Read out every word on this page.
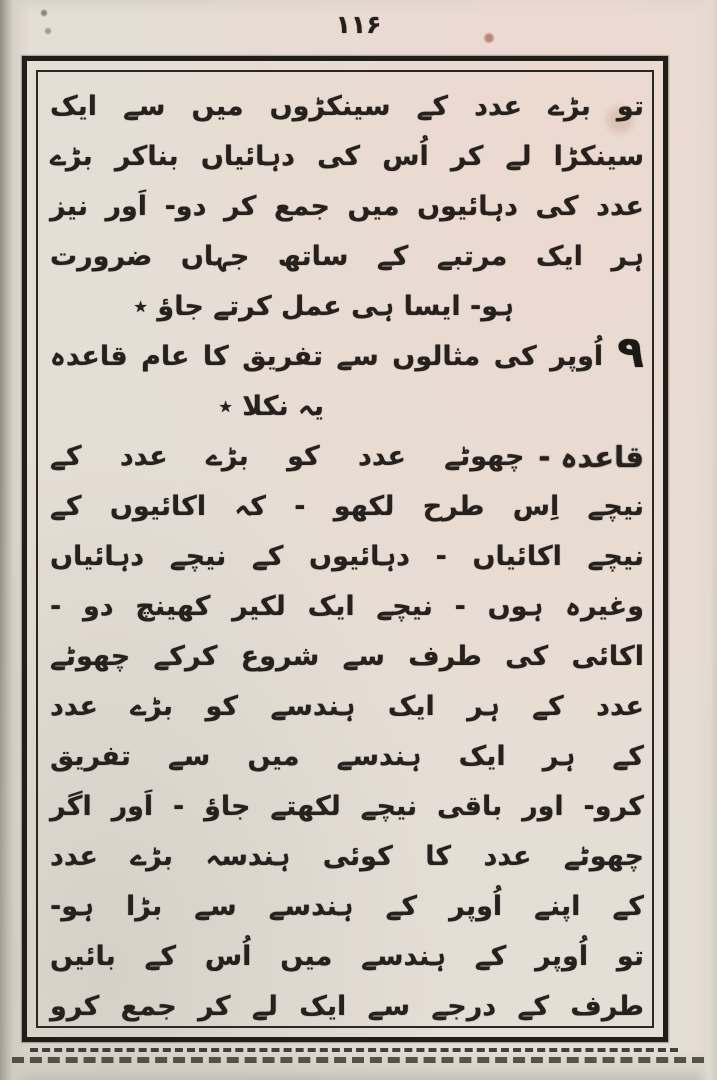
۱۱۶
تو بڑے عدد کے سینکڑوں میں سے ایک
سینکڑا لے کر اُس کی دہائیاں بناکر بڑے
عدد کی دہائیوں میں جمع کر دو- اَور نیز
ہر ایک مرتبے کے ساتھ جہاں ضرورت
ہو- ایسا ہی عمل کرتے جاؤ ٭
۹
اُوپر کی مثالوں سے تفریق کا عام قاعدہ
یہ نکلا ٭
قاعدہ -
چھوٹے عدد کو بڑے عدد کے
نیچے اِس طرح لکھو - کہ اکائیوں کے
نیچے اکائیاں - دہائیوں کے نیچے دہائیاں
وغیرہ ہوں - نیچے ایک لکیر کھینچ دو -
اکائی کی طرف سے شروع کرکے چھوٹے
عدد کے ہر ایک ہندسے کو بڑے عدد
کے ہر ایک ہندسے میں سے تفریق
کرو- اور باقی نیچے لکھتے جاؤ - اَور اگر
چھوٹے عدد کا کوئی ہندسہ بڑے عدد
کے اپنے اُوپر کے ہندسے سے بڑا ہو-
تو اُوپر کے ہندسے میں اُس کے بائیں
طرف کے درجے سے ایک لے کر جمع کرو
